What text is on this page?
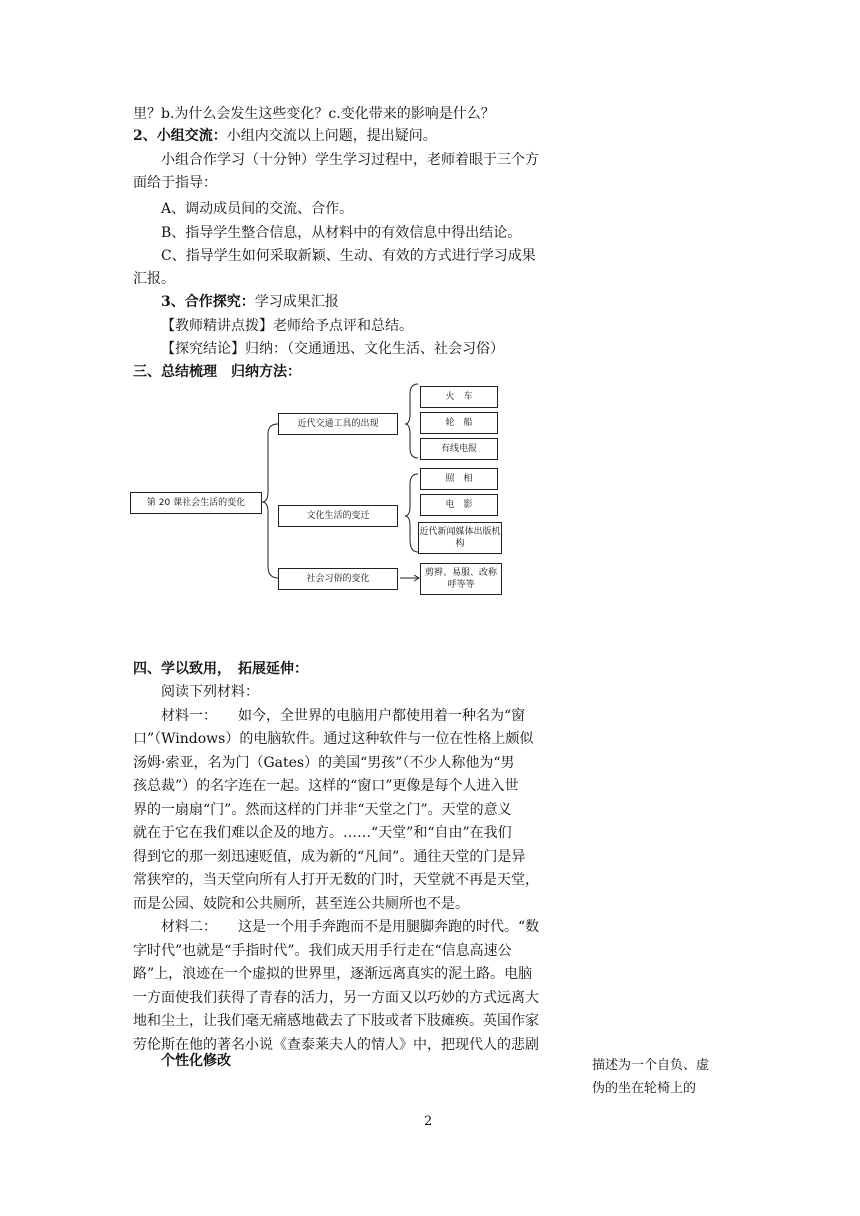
里？b.为什么会发生这些变化？c.变化带来的影响是什么？
2、小组交流：小组内交流以上问题，提出疑问。
小组合作学习（十分钟）学生学习过程中，老师着眼于三个方
面给于指导：
A、调动成员间的交流、合作。
B、指导学生整合信息，从材料中的有效信息中得出结论。
C、指导学生如何采取新颖、生动、有效的方式进行学习成果
汇报。
3、合作探究：学习成果汇报
【教师精讲点拨】老师给予点评和总结。
【探究结论】归纳：（交通通迅、文化生活、社会习俗）
三、总结梳理　归纳方法：
第 20 课社会生活的变化
近代交通工具的出现
文化生活的变迁
社会习俗的变化
火　车
轮　船
有线电报
照　相
电　影
近代新闻媒体出版机构
剪辫、易服、改称呼等等
四、学以致用，　拓展延伸：
阅读下列材料：
材料一：　　如今，全世界的电脑用户都使用着一种名为“窗
口”（Windows）的电脑软件。通过这种软件与一位在性格上颇似
汤姆·索亚，名为门（Gates）的美国“男孩”（不少人称他为“男
孩总裁”）的名字连在一起。这样的“窗口”更像是每个人进入世
界的一扇扇“门”。然而这样的门并非“天堂之门”。天堂的意义
就在于它在我们难以企及的地方。……“天堂”和“自由”在我们
得到它的那一刻迅速贬值，成为新的“凡间”。通往天堂的门是异
常狭窄的，当天堂向所有人打开无数的门时，天堂就不再是天堂，
而是公园、妓院和公共厕所，甚至连公共厕所也不是。
材料二：　　这是一个用手奔跑而不是用腿脚奔跑的时代。“数
字时代”也就是“手指时代”。我们成天用手行走在“信息高速公
路”上，浪迹在一个虚拟的世界里，逐渐远离真实的泥土路。电脑
一方面使我们获得了青春的活力，另一方面又以巧妙的方式远离大
地和尘土，让我们毫无痛感地截去了下肢或者下肢瘫痪。英国作家
劳伦斯在他的著名小说《查泰莱夫人的情人》中，把现代人的悲剧
个性化修改	描述为一个自负、虚
伪的坐在轮椅上的
2
